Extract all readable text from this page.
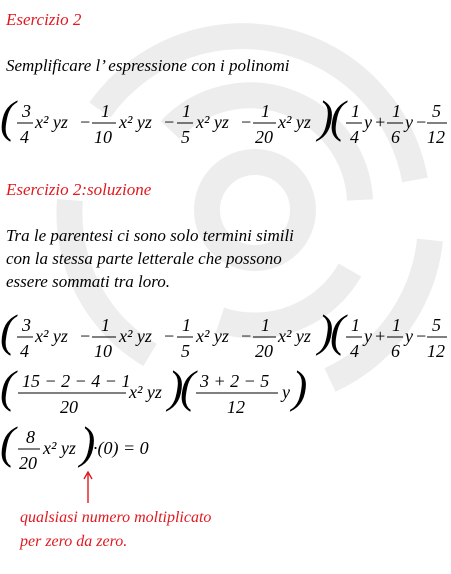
Esercizio 2
Semplificare l’ espressione con i polinomi
( 3
4
x² yz −
1
10
x² yz −
1
5
x² yz −
1
20
x² yz )
( 1
4
y +
1
6
y −
5
12
Esercizio 2:soluzione
Tra le parentesi ci sono solo termini simili
con la stessa parte letterale che possono
essere sommati tra loro.
( 3
4
x² yz −
1
10
x² yz −
1
5
x² yz −
1
20
x² yz )
( 1
4
y +
1
6
y −
5
12
( 15 − 2 − 4 − 1
20
x² yz )
( 3 + 2 − 5
12
y )
( 8
20
x² yz )
·(0) = 0
qualsiasi numero moltiplicato
per zero da zero.
